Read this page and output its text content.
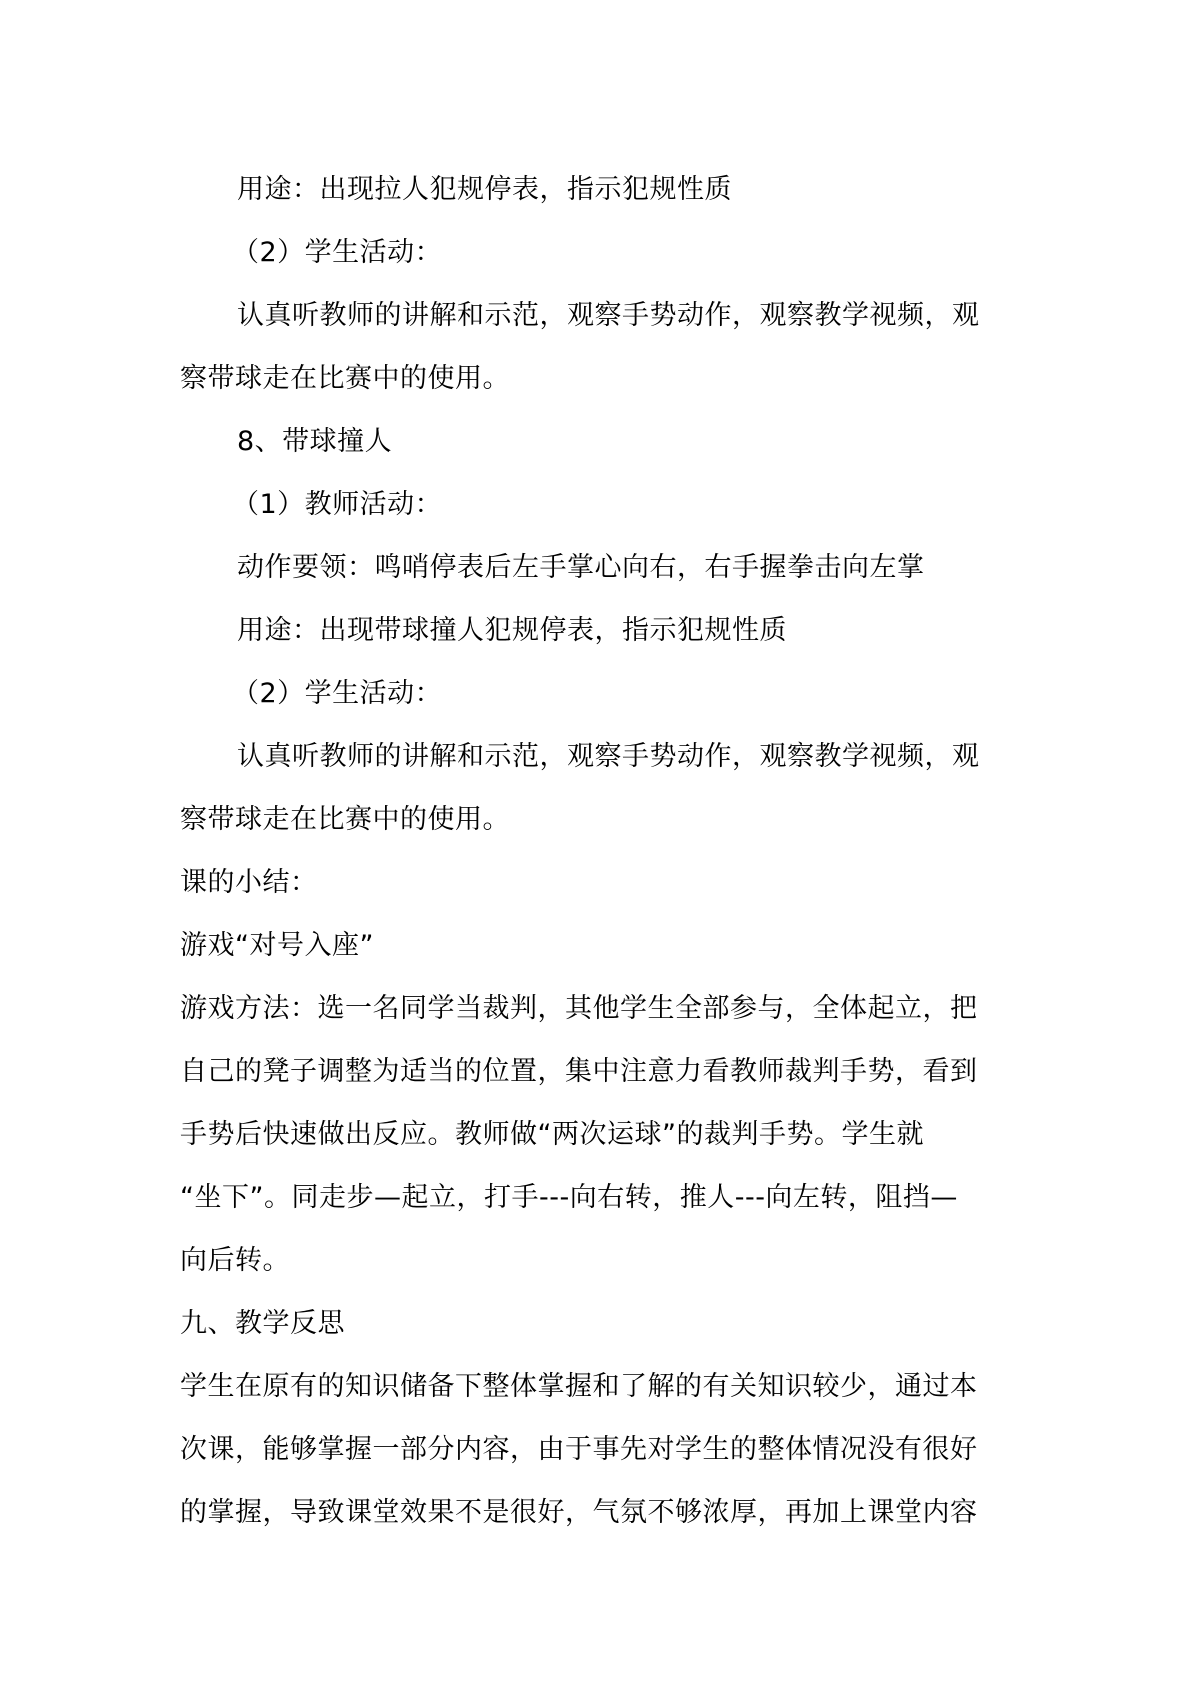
用途：出现拉人犯规停表，指示犯规性质
（2）学生活动：
认真听教师的讲解和示范，观察手势动作，观察教学视频，观
察带球走在比赛中的使用。
8、带球撞人
（1）教师活动：
动作要领：鸣哨停表后左手掌心向右，右手握拳击向左掌
用途：出现带球撞人犯规停表，指示犯规性质
（2）学生活动：
认真听教师的讲解和示范，观察手势动作，观察教学视频，观
察带球走在比赛中的使用。
课的小结：
游戏“对号入座”
游戏方法：选一名同学当裁判，其他学生全部参与，全体起立，把
自己的凳子调整为适当的位置，集中注意力看教师裁判手势，看到
手势后快速做出反应。教师做“两次运球”的裁判手势。学生就
“坐下”。同走步—起立，打手---向右转，推人---向左转，阻挡—
向后转。
九、教学反思
学生在原有的知识储备下整体掌握和了解的有关知识较少，通过本
次课，能够掌握一部分内容，由于事先对学生的整体情况没有很好
的掌握，导致课堂效果不是很好，气氛不够浓厚，再加上课堂内容
